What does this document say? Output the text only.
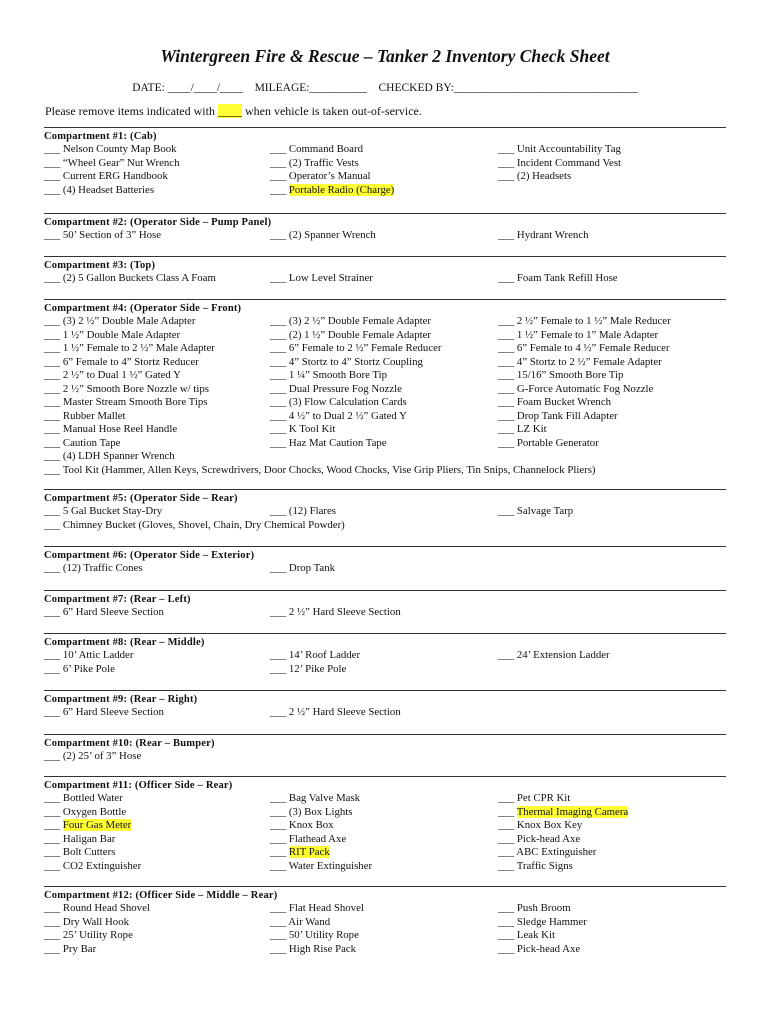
Wintergreen Fire & Rescue – Tanker 2 Inventory Check Sheet
DATE: ____/____/____ MILEAGE:__________ CHECKED BY:________________________________
Please remove items indicated with ____ when vehicle is taken out-of-service.
Compartment #1: (Cab)
___ Nelson County Map Book	___ Command Board	___ Unit Accountability Tag
___ “Wheel Gear” Nut Wrench	___ (2) Traffic Vests	___ Incident Command Vest
___ Current ERG Handbook	___ Operator’s Manual	___ (2) Headsets
___ (4) Headset Batteries	___ Portable Radio (Charge)
Compartment #2: (Operator Side – Pump Panel)
___ 50’ Section of 3” Hose	___ (2) Spanner Wrench	___ Hydrant Wrench
Compartment #3: (Top)
___ (2) 5 Gallon Buckets Class A Foam	___ Low Level Strainer	___ Foam Tank Refill Hose
Compartment #4: (Operator Side – Front)
___ (3) 2 ½” Double Male Adapter	___ (3) 2 ½” Double Female Adapter	___ 2 ½” Female to 1 ½” Male Reducer
___ 1 ½” Double Male Adapter	___ (2) 1 ½” Double Female Adapter	___ 1 ½” Female to 1” Male Adapter
___ 1 ½” Female to 2 ½” Male Adapter	___ 6” Female to 2 ½” Female Reducer	___ 6” Female to 4 ½” Female Reducer
___ 6” Female to 4” Stortz Reducer	___ 4” Stortz to 4” Stortz Coupling	___ 4” Stortz to 2 ½” Female Adapter
___ 2 ½” to Dual 1 ½” Gated Y	___ 1 ¼” Smooth Bore Tip	___ 15/16” Smooth Bore Tip
___ 2 ½” Smooth Bore Nozzle w/ tips	___ Dual Pressure Fog Nozzle	___ G-Force Automatic Fog Nozzle
___ Master Stream Smooth Bore Tips	___ (3) Flow Calculation Cards	___ Foam Bucket Wrench
___ Rubber Mallet	___ 4 ½” to Dual 2 ½” Gated Y	___ Drop Tank Fill Adapter
___ Manual Hose Reel Handle	___ K Tool Kit	___ LZ Kit
___ Caution Tape	___ Haz Mat Caution Tape	___ Portable Generator
___ (4) LDH Spanner Wrench
___ Tool Kit (Hammer, Allen Keys, Screwdrivers, Door Chocks, Wood Chocks, Vise Grip Pliers, Tin Snips, Channelock Pliers)
Compartment #5: (Operator Side – Rear)
___ 5 Gal Bucket Stay-Dry	___ (12) Flares	___ Salvage Tarp
___ Chimney Bucket (Gloves, Shovel, Chain, Dry Chemical Powder)
Compartment #6: (Operator Side – Exterior)
___ (12) Traffic Cones	___ Drop Tank
Compartment #7: (Rear – Left)
___ 6” Hard Sleeve Section	___ 2 ½” Hard Sleeve Section
Compartment #8: (Rear – Middle)
___ 10’ Attic Ladder	___ 14’ Roof Ladder	___ 24’ Extension Ladder
___ 6’ Pike Pole	___ 12’ Pike Pole
Compartment #9: (Rear – Right)
___ 6” Hard Sleeve Section	___ 2 ½” Hard Sleeve Section
Compartment #10: (Rear – Bumper)
___ (2) 25’ of 3” Hose
Compartment #11: (Officer Side – Rear)
___ Bottled Water	___ Bag Valve Mask	___ Pet CPR Kit
___ Oxygen Bottle	___ (3) Box Lights	___ Thermal Imaging Camera
___ Four Gas Meter	___ Knox Box	___ Knox Box Key
___ Haligan Bar	___ Flathead Axe	___ Pick-head Axe
___ Bolt Cutters	___ RIT Pack	___ ABC Extinguisher
___ CO2 Extinguisher	___ Water Extinguisher	___ Traffic Signs
Compartment #12: (Officer Side – Middle – Rear)
___ Round Head Shovel	___ Flat Head Shovel	___ Push Broom
___ Dry Wall Hook	___ Air Wand	___ Sledge Hammer
___ 25’ Utility Rope	___ 50’ Utility Rope	___ Leak Kit
___ Pry Bar	___ High Rise Pack	___ Pick-head Axe
